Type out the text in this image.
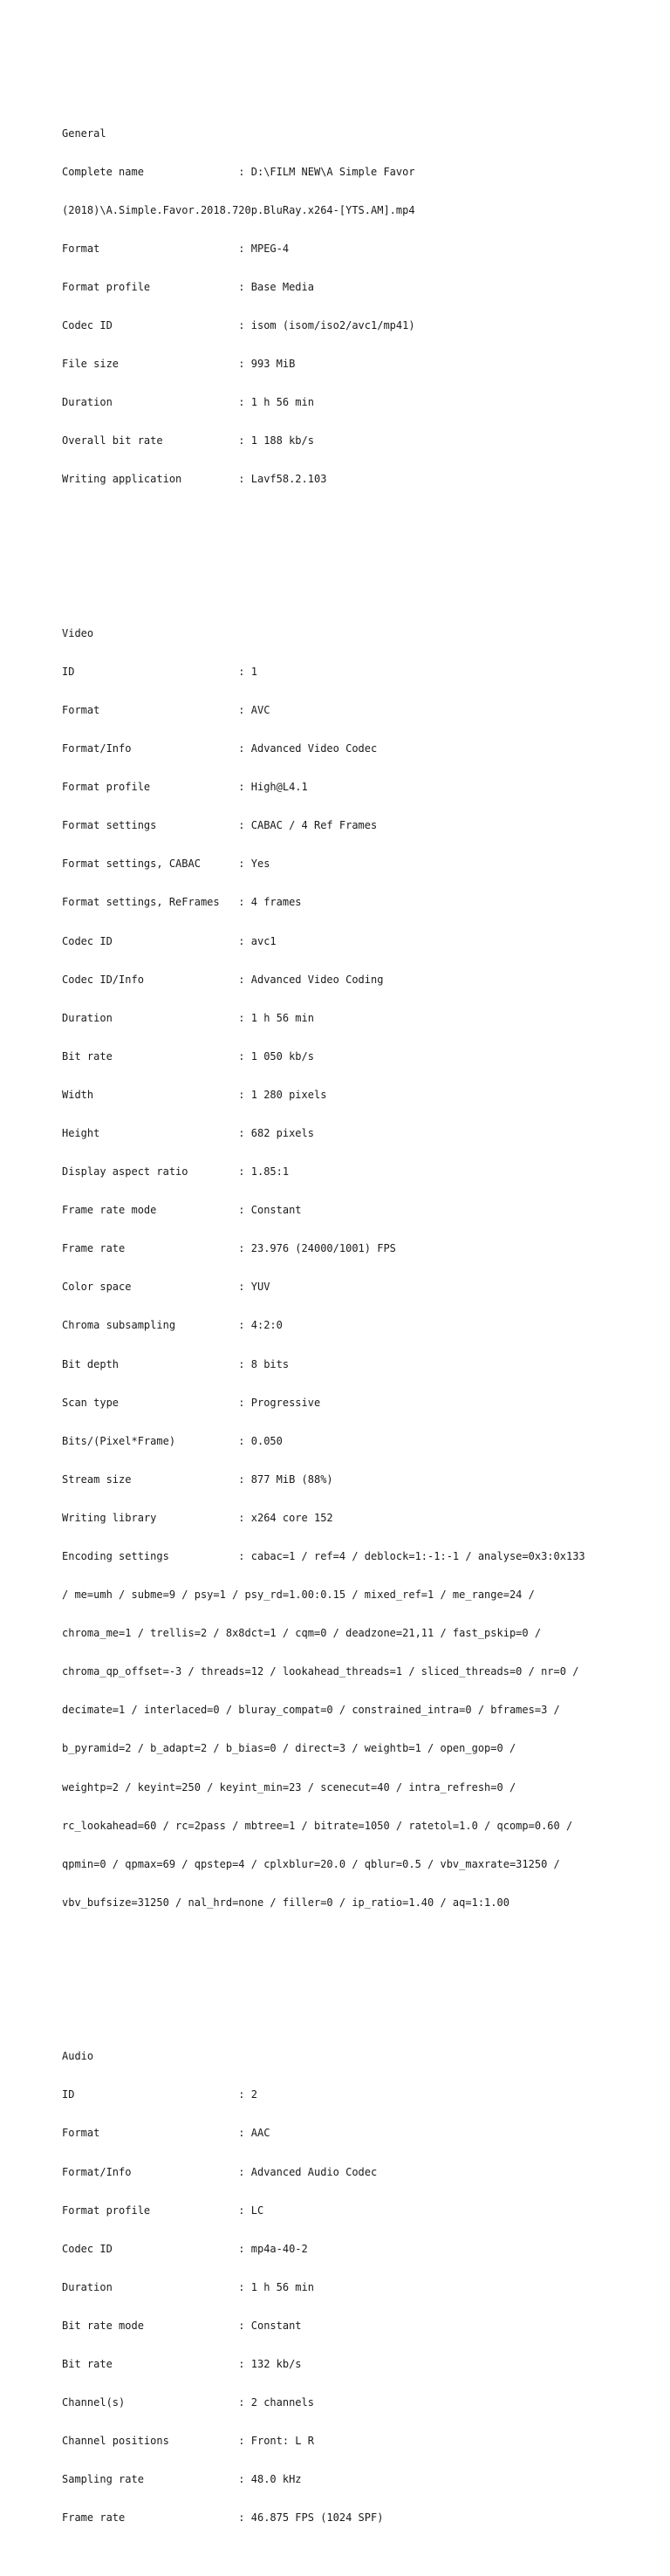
General

Complete name               : D:\FILM NEW\A Simple Favor

(2018)\A.Simple.Favor.2018.720p.BluRay.x264-[YTS.AM].mp4

Format                      : MPEG-4

Format profile              : Base Media

Codec ID                    : isom (isom/iso2/avc1/mp41)

File size                   : 993 MiB

Duration                    : 1 h 56 min

Overall bit rate            : 1 188 kb/s

Writing application         : Lavf58.2.103

Video

ID                          : 1

Format                      : AVC

Format/Info                 : Advanced Video Codec

Format profile              : High@L4.1

Format settings             : CABAC / 4 Ref Frames

Format settings, CABAC      : Yes

Format settings, ReFrames   : 4 frames

Codec ID                    : avc1

Codec ID/Info               : Advanced Video Coding

Duration                    : 1 h 56 min

Bit rate                    : 1 050 kb/s

Width                       : 1 280 pixels

Height                      : 682 pixels

Display aspect ratio        : 1.85:1

Frame rate mode             : Constant

Frame rate                  : 23.976 (24000/1001) FPS

Color space                 : YUV

Chroma subsampling          : 4:2:0

Bit depth                   : 8 bits

Scan type                   : Progressive

Bits/(Pixel*Frame)          : 0.050

Stream size                 : 877 MiB (88%)

Writing library             : x264 core 152

Encoding settings           : cabac=1 / ref=4 / deblock=1:-1:-1 / analyse=0x3:0x133

/ me=umh / subme=9 / psy=1 / psy_rd=1.00:0.15 / mixed_ref=1 / me_range=24 /

chroma_me=1 / trellis=2 / 8x8dct=1 / cqm=0 / deadzone=21,11 / fast_pskip=0 /

chroma_qp_offset=-3 / threads=12 / lookahead_threads=1 / sliced_threads=0 / nr=0 /

decimate=1 / interlaced=0 / bluray_compat=0 / constrained_intra=0 / bframes=3 /

b_pyramid=2 / b_adapt=2 / b_bias=0 / direct=3 / weightb=1 / open_gop=0 /

weightp=2 / keyint=250 / keyint_min=23 / scenecut=40 / intra_refresh=0 /

rc_lookahead=60 / rc=2pass / mbtree=1 / bitrate=1050 / ratetol=1.0 / qcomp=0.60 /

qpmin=0 / qpmax=69 / qpstep=4 / cplxblur=20.0 / qblur=0.5 / vbv_maxrate=31250 /

vbv_bufsize=31250 / nal_hrd=none / filler=0 / ip_ratio=1.40 / aq=1:1.00

Audio

ID                          : 2

Format                      : AAC

Format/Info                 : Advanced Audio Codec

Format profile              : LC

Codec ID                    : mp4a-40-2

Duration                    : 1 h 56 min

Bit rate mode               : Constant

Bit rate                    : 132 kb/s

Channel(s)                  : 2 channels

Channel positions           : Front: L R

Sampling rate               : 48.0 kHz

Frame rate                  : 46.875 FPS (1024 SPF)
